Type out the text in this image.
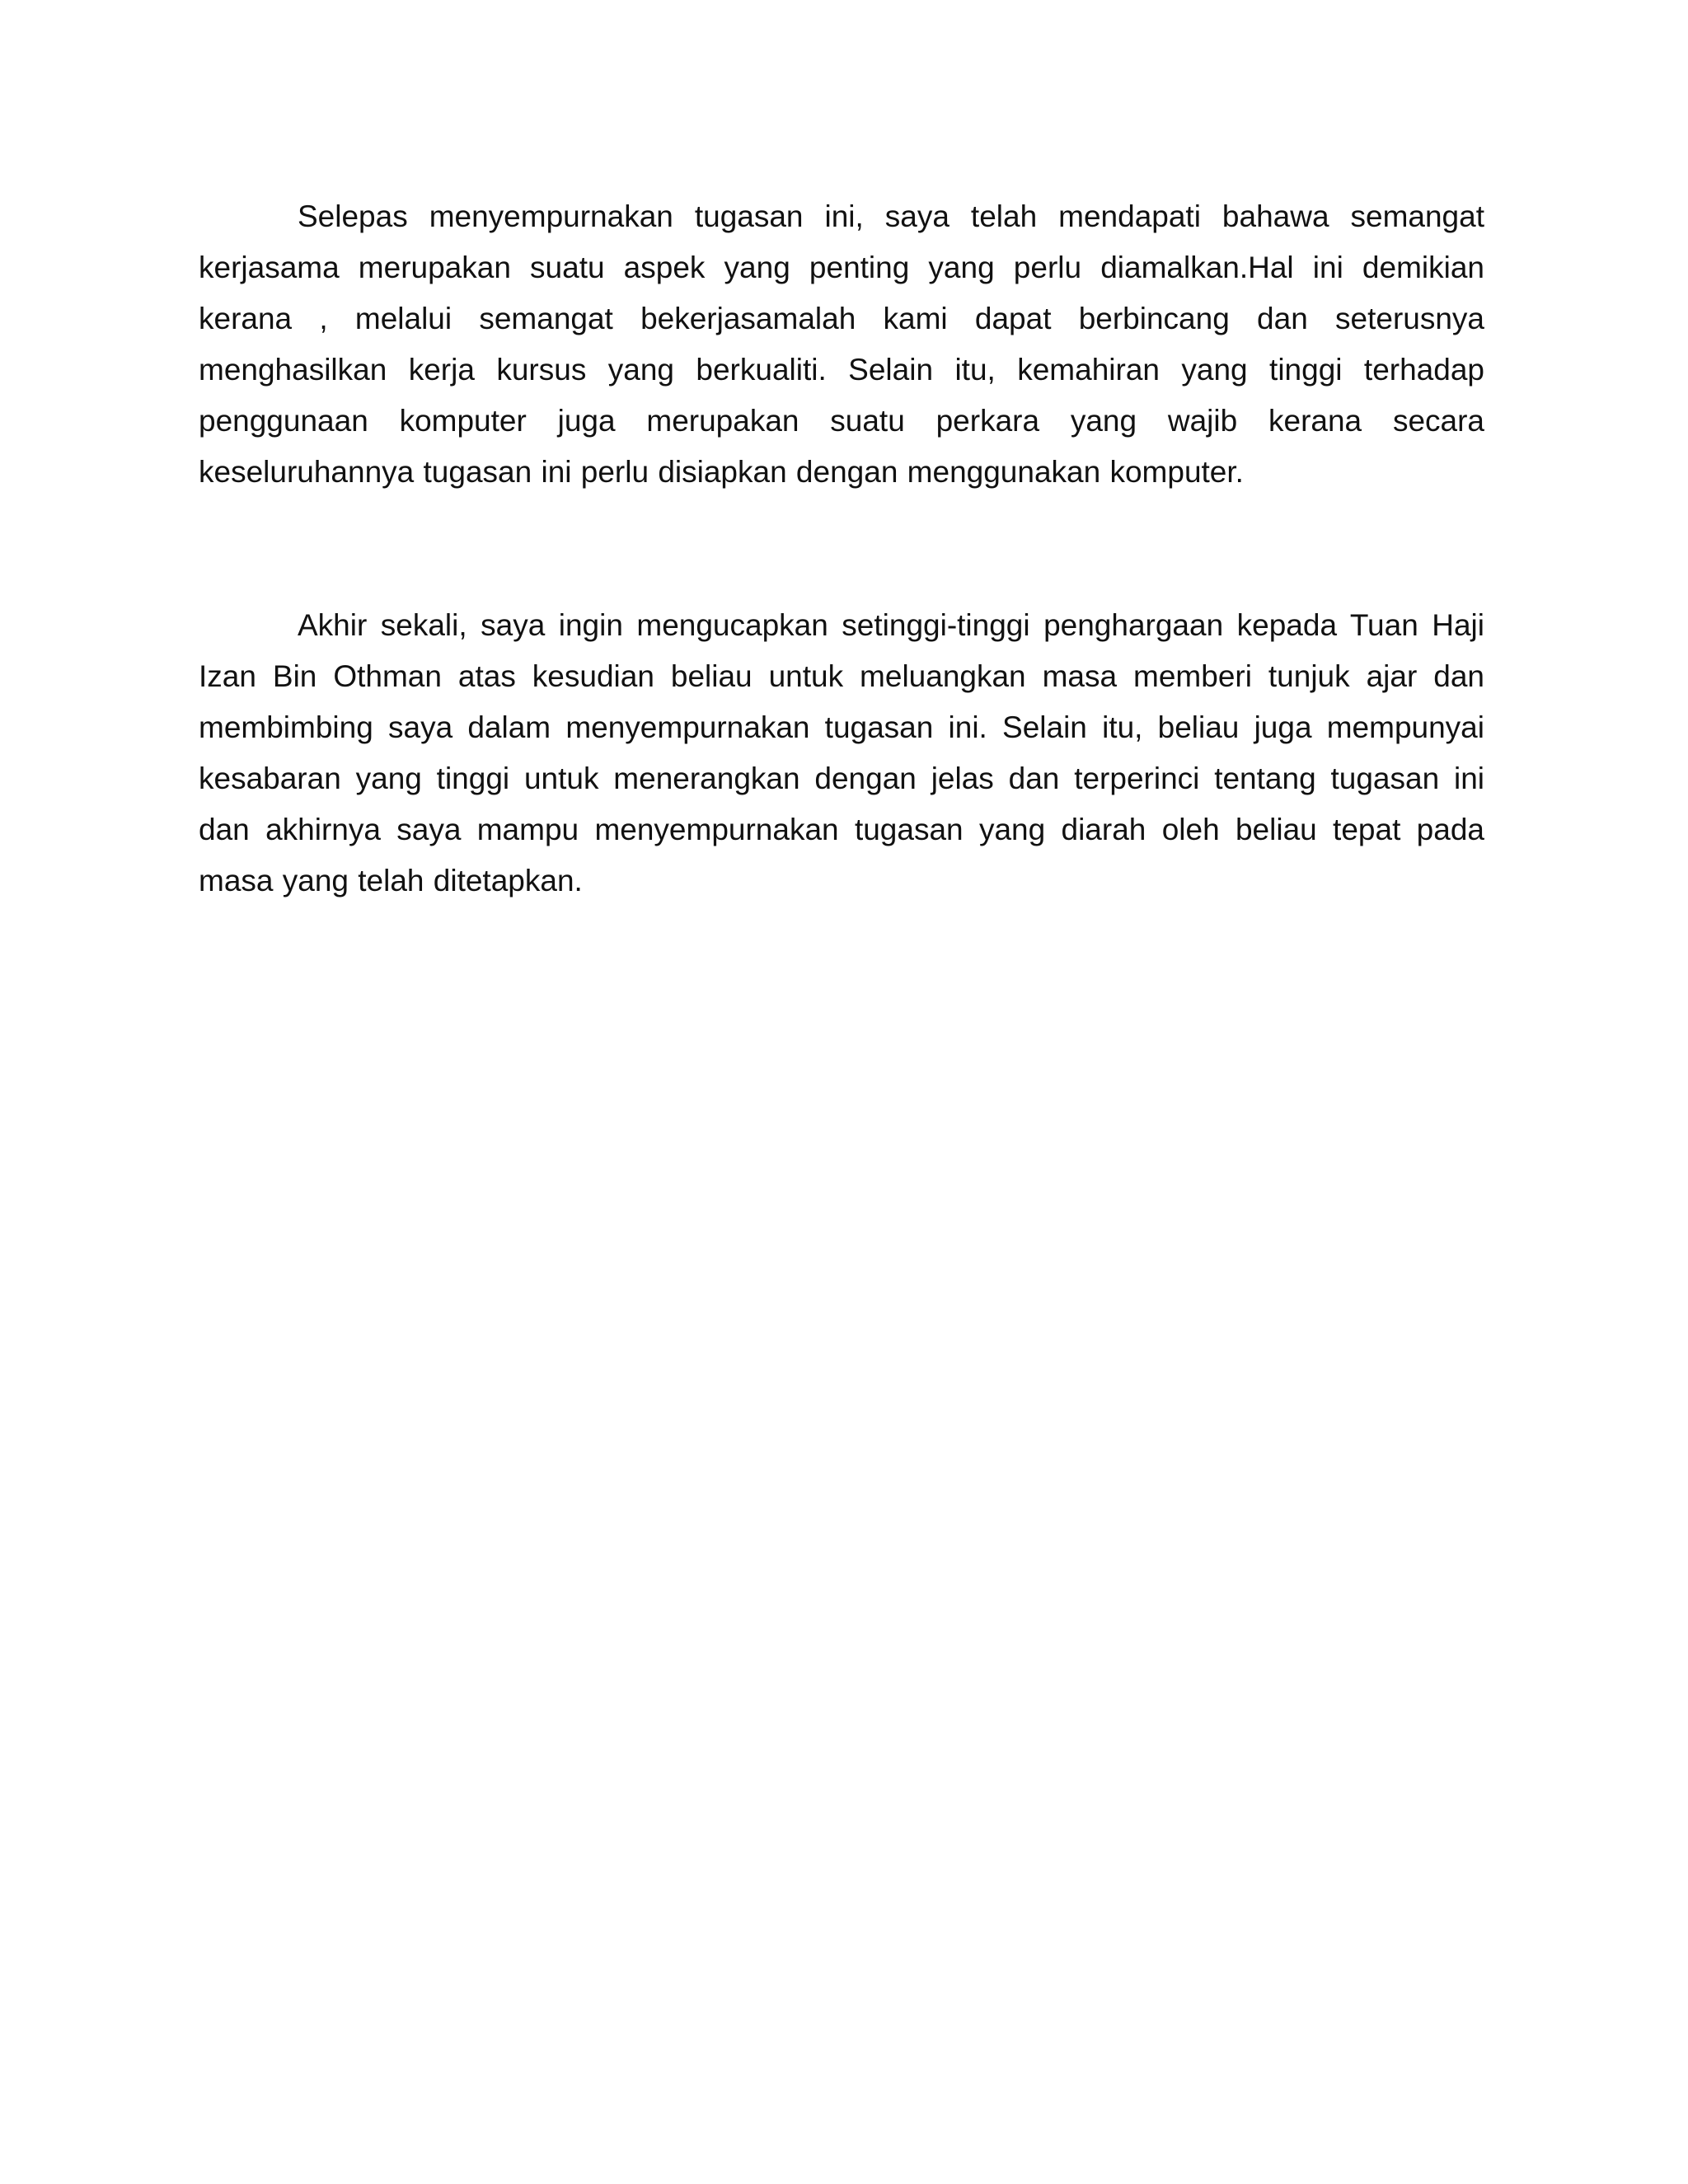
Selepas menyempurnakan tugasan ini, saya telah mendapati bahawa semangat kerjasama merupakan suatu aspek yang penting yang perlu diamalkan.Hal ini demikian kerana , melalui semangat bekerjasamalah kami dapat berbincang dan seterusnya menghasilkan kerja kursus yang berkualiti. Selain itu, kemahiran yang tinggi terhadap penggunaan komputer juga merupakan suatu perkara yang wajib kerana secara keseluruhannya tugasan ini perlu disiapkan dengan menggunakan komputer.

Akhir sekali, saya ingin mengucapkan setinggi-tinggi penghargaan kepada Tuan Haji Izan Bin Othman atas kesudian beliau untuk meluangkan masa memberi tunjuk ajar dan membimbing saya dalam menyempurnakan tugasan ini. Selain itu, beliau juga mempunyai kesabaran yang tinggi untuk menerangkan dengan jelas dan terperinci tentang tugasan ini dan akhirnya saya mampu menyempurnakan tugasan yang diarah oleh beliau tepat pada masa yang telah ditetapkan.
